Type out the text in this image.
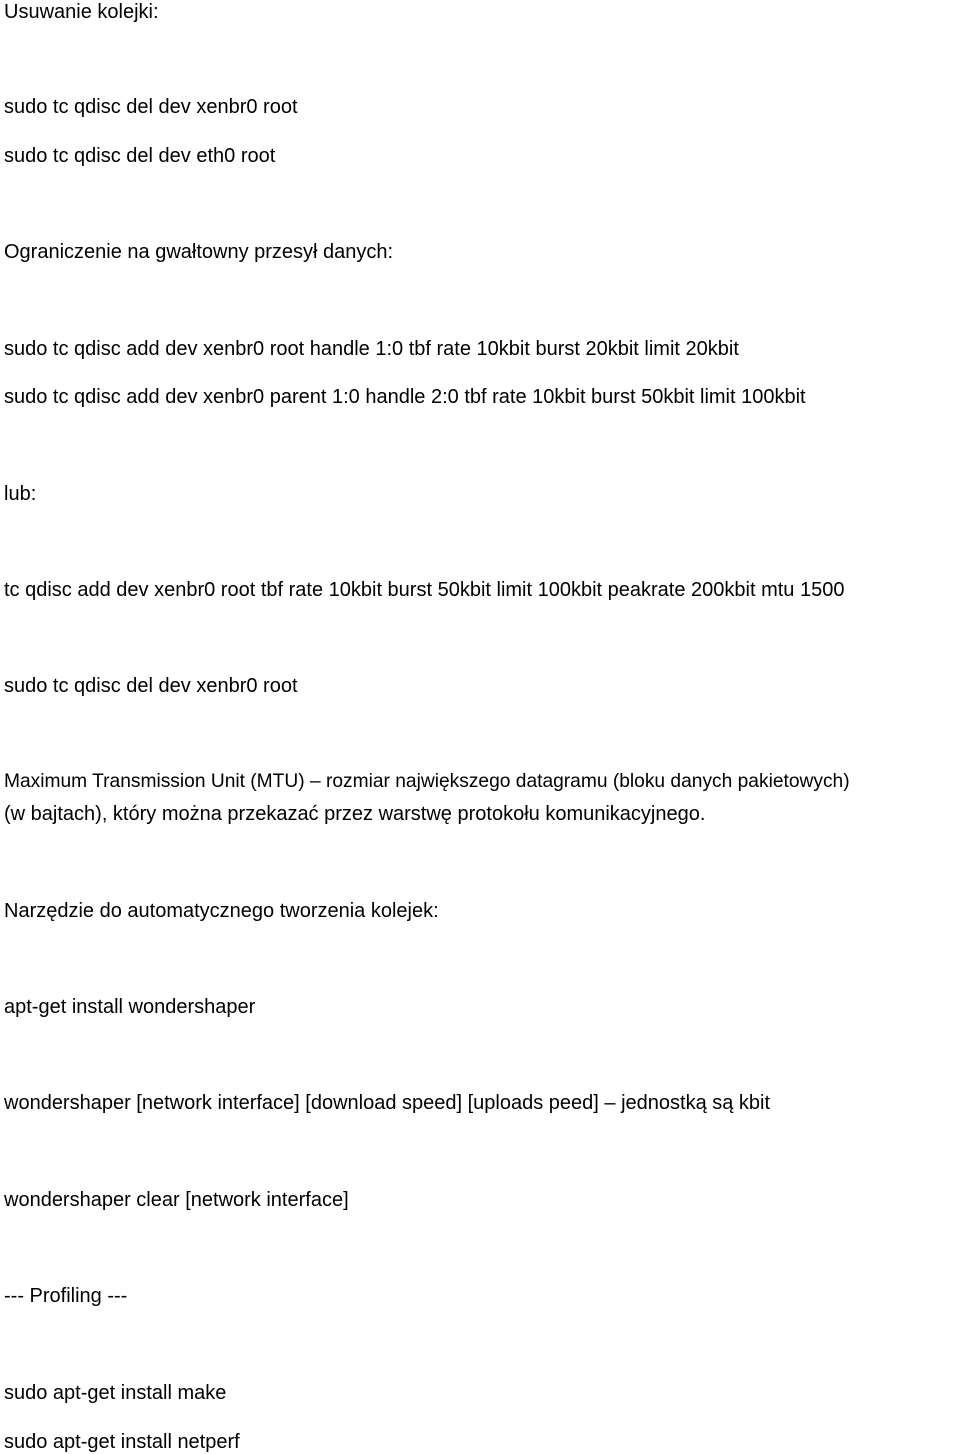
Usuwanie kolejki:

sudo tc qdisc del dev xenbr0 root

sudo tc qdisc del dev eth0 root

Ograniczenie na gwałtowny przesył danych:

sudo tc qdisc add dev xenbr0 root handle 1:0 tbf rate 10kbit burst 20kbit limit 20kbit

sudo tc qdisc add dev xenbr0 parent 1:0 handle 2:0 tbf rate 10kbit burst 50kbit limit 100kbit

lub:

tc qdisc add dev xenbr0 root tbf rate 10kbit burst 50kbit limit 100kbit peakrate 200kbit mtu 1500

sudo tc qdisc del dev xenbr0 root

Maximum Transmission Unit (MTU) – rozmiar największego datagramu (bloku danych pakietowych)

(w bajtach), który można przekazać przez warstwę protokołu komunikacyjnego.

Narzędzie do automatycznego tworzenia kolejek:

apt-get install wondershaper

wondershaper [network interface] [download speed] [uploads peed] – jednostką są kbit

wondershaper clear [network interface]

--- Profiling ---

sudo apt-get install make

sudo apt-get install netperf
